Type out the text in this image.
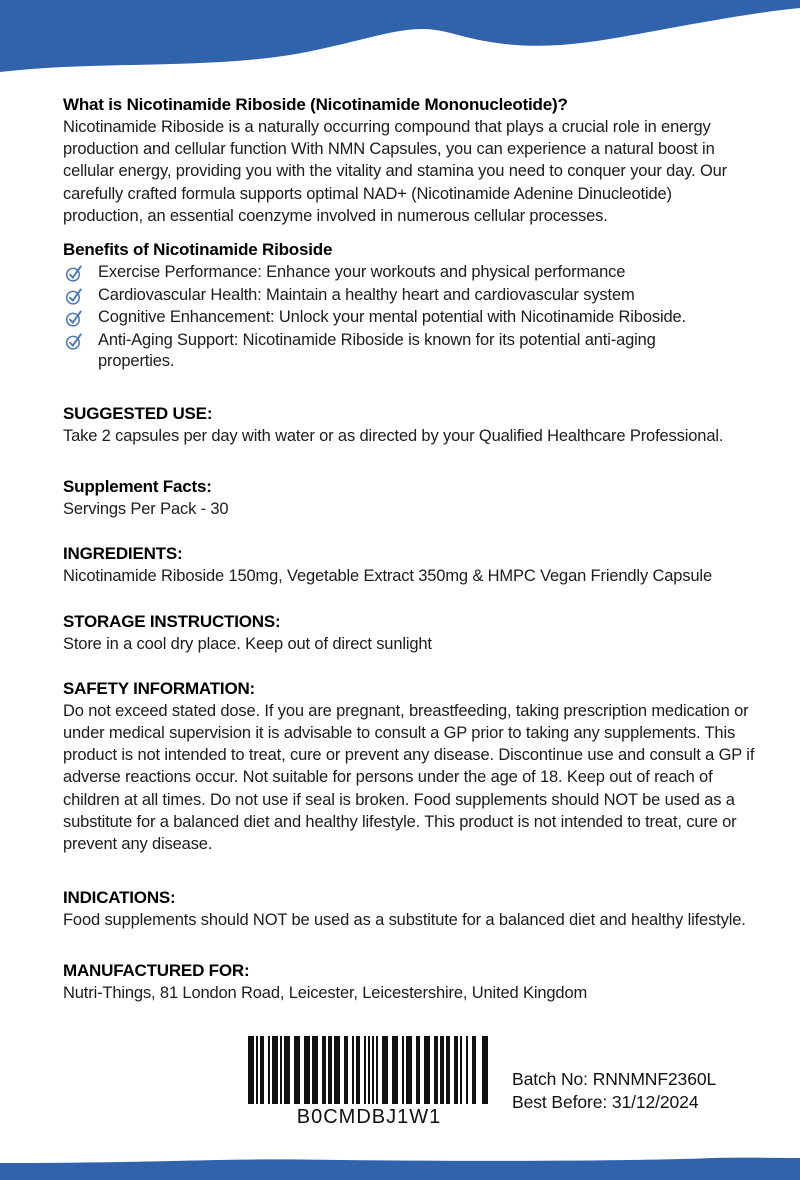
What is Nicotinamide Riboside (Nicotinamide Mononucleotide)?
Nicotinamide Riboside is a naturally occurring compound that plays a crucial role in energy production and cellular function With NMN Capsules, you can experience a natural boost in cellular energy, providing you with the vitality and stamina you need to conquer your day. Our carefully crafted formula supports optimal NAD+ (Nicotinamide Adenine Dinucleotide) production, an essential coenzyme involved in numerous cellular processes.
Benefits of Nicotinamide Riboside
Exercise Performance: Enhance your workouts and physical performance
Cardiovascular Health: Maintain a healthy heart and cardiovascular system
Cognitive Enhancement: Unlock your mental potential with Nicotinamide Riboside.
Anti-Aging Support: Nicotinamide Riboside is known for its potential anti-aging properties.
SUGGESTED USE:
Take 2 capsules per day with water or as directed by your Qualified Healthcare Professional.
Supplement Facts:
Servings Per Pack - 30
INGREDIENTS:
Nicotinamide Riboside 150mg, Vegetable Extract 350mg & HMPC Vegan Friendly Capsule
STORAGE INSTRUCTIONS:
Store in a cool dry place. Keep out of direct sunlight
SAFETY INFORMATION:
Do not exceed stated dose. If you are pregnant, breastfeeding, taking prescription medication or under medical supervision it is advisable to consult a GP prior to taking any supplements. This product is not intended to treat, cure or prevent any disease. Discontinue use and consult a GP if adverse reactions occur. Not suitable for persons under the age of 18. Keep out of reach of children at all times. Do not use if seal is broken. Food supplements should NOT be used as a substitute for a balanced diet and healthy lifestyle. This product is not intended to treat, cure or prevent any disease.
INDICATIONS:
Food supplements should NOT be used as a substitute for a balanced diet and healthy lifestyle.
MANUFACTURED FOR:
Nutri-Things, 81 London Road, Leicester, Leicestershire, United Kingdom
B0CMDBJ1W1
Batch No: RNNMNF2360L
Best Before: 31/12/2024
